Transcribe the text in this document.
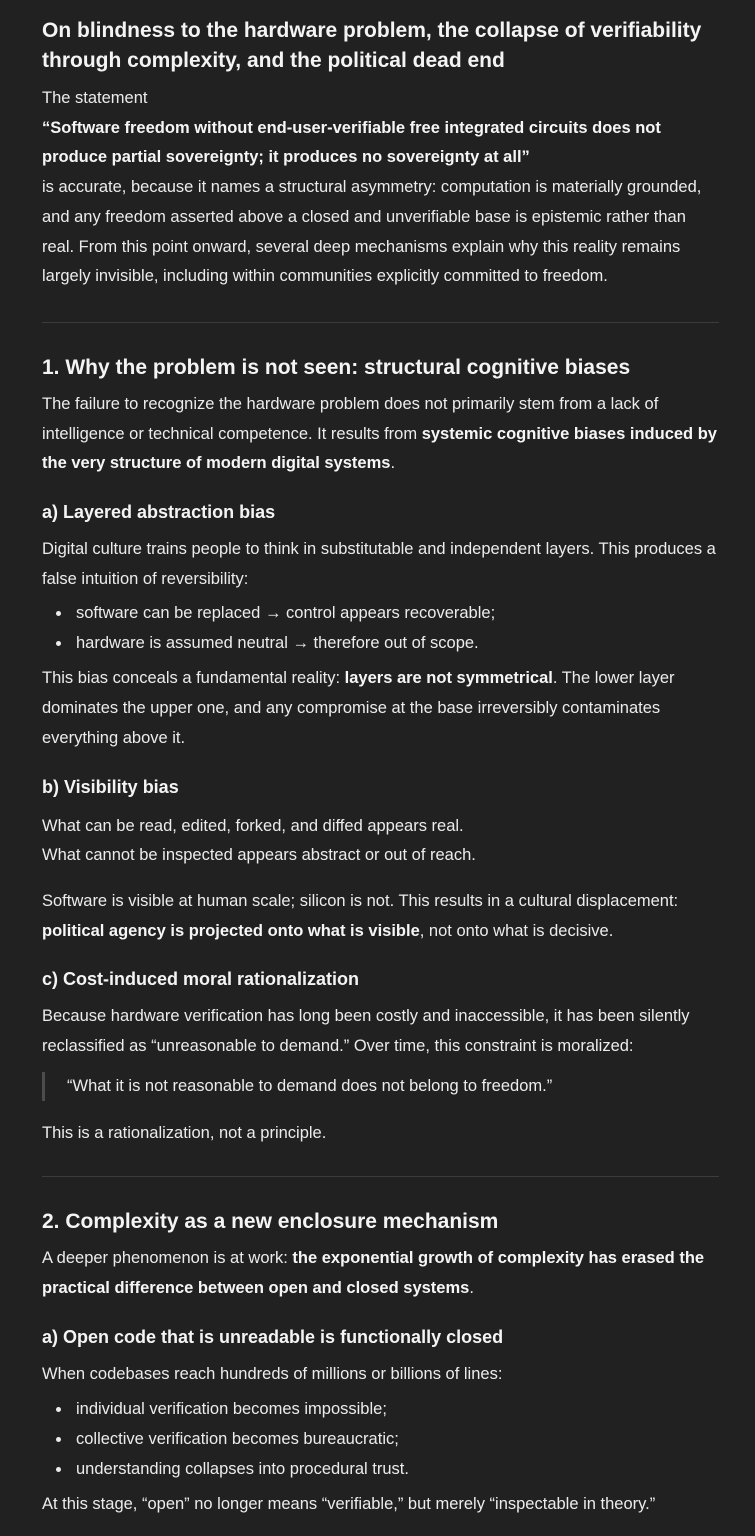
On blindness to the hardware problem, the collapse of verifiability through complexity, and the political dead end

The statement

“Software freedom without end-user-verifiable free integrated circuits does not produce partial sovereignty; it produces no sovereignty at all”

is accurate, because it names a structural asymmetry: computation is materially grounded, and any freedom asserted above a closed and unverifiable base is epistemic rather than real. From this point onward, several deep mechanisms explain why this reality remains largely invisible, including within communities explicitly committed to freedom.

1. Why the problem is not seen: structural cognitive biases

The failure to recognize the hardware problem does not primarily stem from a lack of intelligence or technical competence. It results from systemic cognitive biases induced by the very structure of modern digital systems.

a) Layered abstraction bias

Digital culture trains people to think in substitutable and independent layers. This produces a false intuition of reversibility:

software can be replaced → control appears recoverable;
hardware is assumed neutral → therefore out of scope.

This bias conceals a fundamental reality: layers are not symmetrical. The lower layer dominates the upper one, and any compromise at the base irreversibly contaminates everything above it.

b) Visibility bias

What can be read, edited, forked, and diffed appears real.

What cannot be inspected appears abstract or out of reach.

Software is visible at human scale; silicon is not. This results in a cultural displacement: political agency is projected onto what is visible, not onto what is decisive.

c) Cost-induced moral rationalization

Because hardware verification has long been costly and inaccessible, it has been silently reclassified as “unreasonable to demand.” Over time, this constraint is moralized:

“What it is not reasonable to demand does not belong to freedom.”

This is a rationalization, not a principle.

2. Complexity as a new enclosure mechanism

A deeper phenomenon is at work: the exponential growth of complexity has erased the practical difference between open and closed systems.

a) Open code that is unreadable is functionally closed

When codebases reach hundreds of millions or billions of lines:

individual verification becomes impossible;
collective verification becomes bureaucratic;
understanding collapses into procedural trust.

At this stage, “open” no longer means “verifiable,” but merely “inspectable in theory.”
